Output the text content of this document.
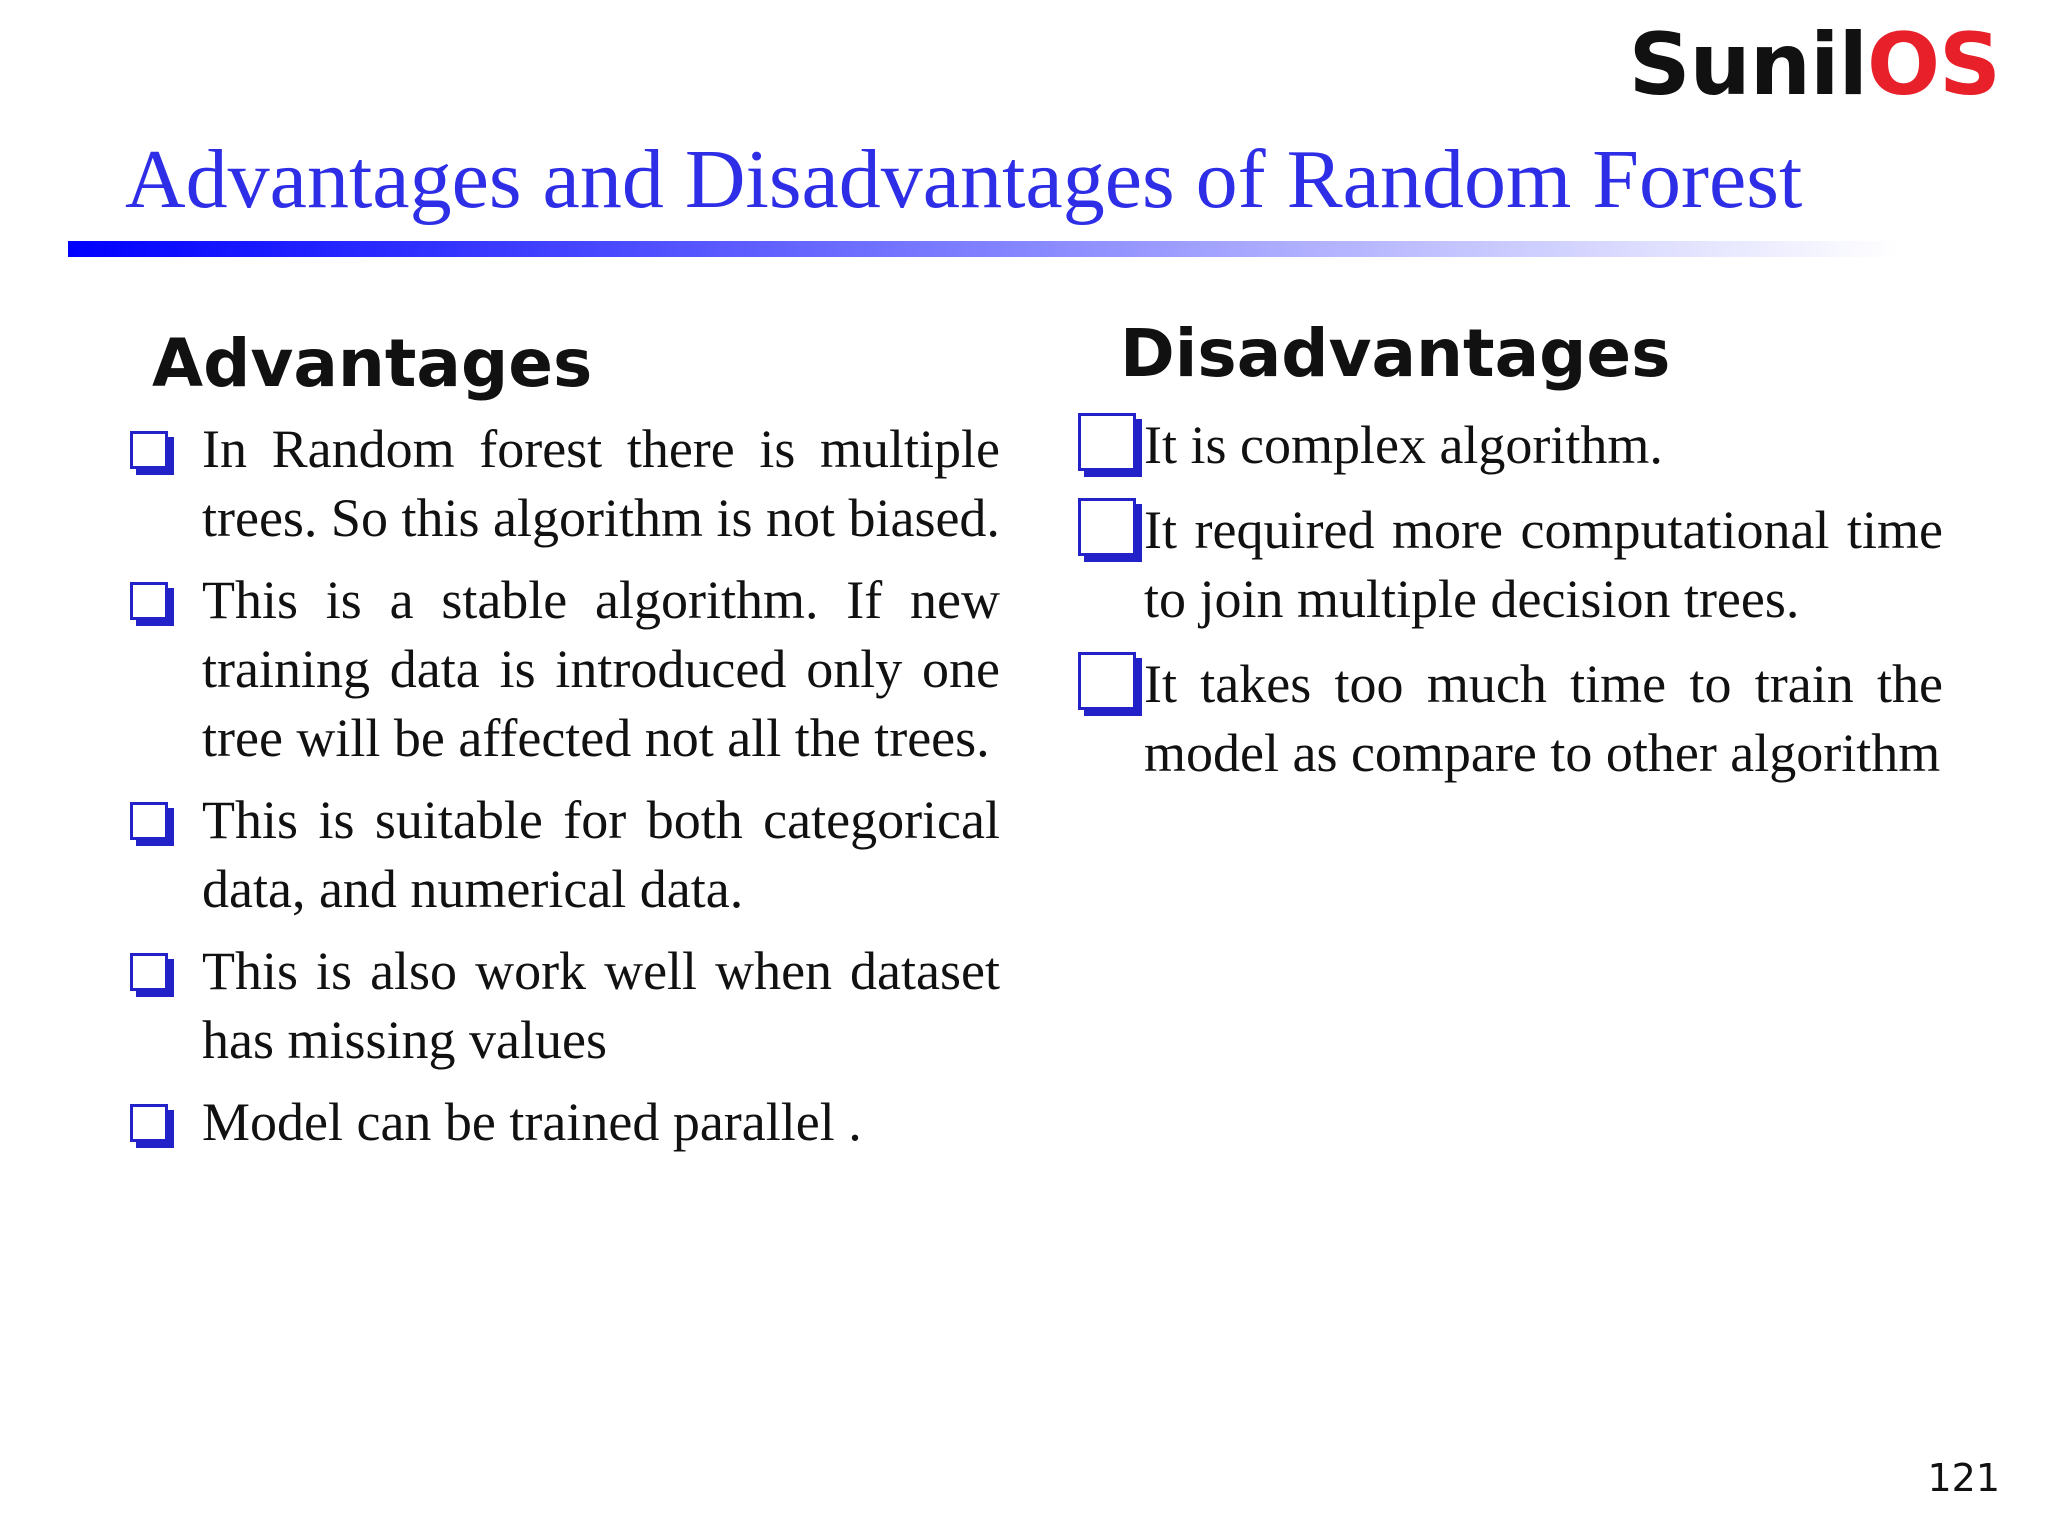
SunilOS
Advantages and Disadvantages of Random Forest
Advantages
In Random forest there is multiple trees. So this algorithm is not biased.
This is a stable algorithm. If new training data is introduced only one tree will be affected not all the trees.
This is suitable for both categorical data, and numerical data.
This is also work well when dataset has missing values
Model can be trained parallel .
Disadvantages
It is complex algorithm.
It required more computational time to join multiple decision trees.
It takes too much time to train the model as compare to other algorithm
121
